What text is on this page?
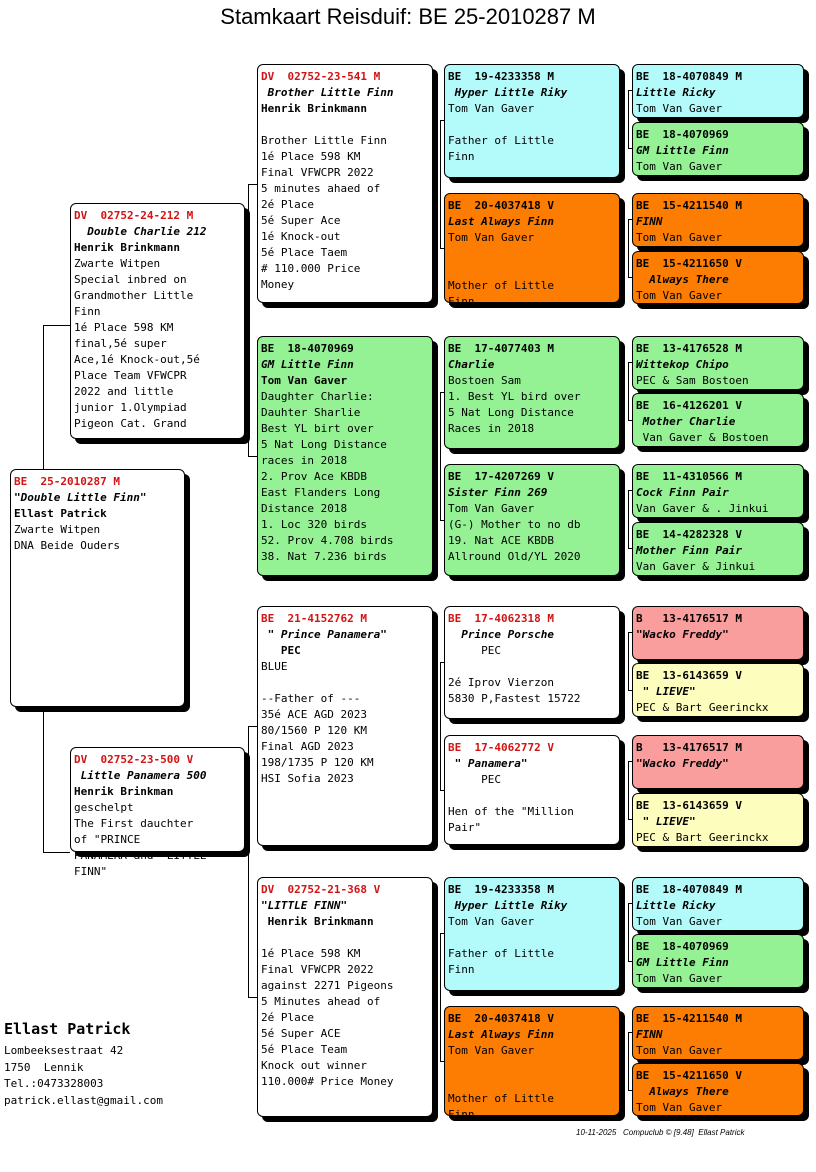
Stamkaart Reisduif: BE 25-2010287 M
BE  25-2010287 M
"Double Little Finn"
Ellast Patrick
Zwarte Witpen
DNA Beide Ouders
DV  02752-24-212 M
Double Charlie 212
Henrik Brinkmann
Zwarte Witpen
Special inbred on
Grandmother Little
Finn
1é Place 598 KM
final,5é super
Ace,1é Knock-out,5é
Place Team VFWCPR
2022 and little
junior 1.Olympiad
Pigeon Cat. Grand
DV  02752-23-500 V
Little Panamera 500
Henrik Brinkman
geschelpt
The First dauchter
of "PRINCE
PANAMERA"and "LITTLE
FINN"
DV  02752-23-541 M
Brother Little Finn
Henrik Brinkmann

Brother Little Finn
1é Place 598 KM
Final VFWCPR 2022
5 minutes ahaed of
2é Place
5é Super Ace
1é Knock-out
5é Place Taem
# 110.000 Price
Money
BE  18-4070969
GM Little Finn
Tom Van Gaver
Daughter Charlie:
Dauhter Sharlie
Best YL birt over
5 Nat Long Distance
races in 2018
2. Prov Ace KBDB
East Flanders Long
Distance 2018
1. Loc 320 birds
52. Prov 4.708 birds
38. Nat 7.236 birds
BE  21-4152762 M
" Prince Panamera"
PEC
BLUE

--Father of ---
35é ACE AGD 2023
80/1560 P 120 KM
Final AGD 2023
198/1735 P 120 KM
HSI Sofia 2023
DV  02752-21-368 V
"LITTLE FINN"
Henrik Brinkmann

1é Place 598 KM
Final VFWCPR 2022
against 2271 Pigeons
5 Minutes ahead of
2é Place
5é Super ACE
5é Place Team
Knock out winner
110.000# Price Money
BE  19-4233358 M
Hyper Little Riky
Tom Van Gaver

Father of Little
Finn
BE  20-4037418 V
Last Always Finn
Tom Van Gaver

Mother of Little
Finn
BE  17-4077403 M
Charlie
Bostoen Sam
1. Best YL bird over
5 Nat Long Distance
Races in 2018
BE  17-4207269 V
Sister Finn 269
Tom Van Gaver
(G-) Mother to no db
19. Nat ACE KBDB
Allround Old/YL 2020
BE  17-4062318 M
Prince Porsche
PEC

2é Iprov Vierzon
5830 P,Fastest 15722
BE  17-4062772 V
" Panamera"
PEC

Hen of the "Million
Pair"
BE  19-4233358 M
Hyper Little Riky
Tom Van Gaver

Father of Little
Finn
BE  20-4037418 V
Last Always Finn
Tom Van Gaver

Mother of Little
Finn
BE  18-4070849 M
Little Ricky
Tom Van Gaver
BE  18-4070969
GM Little Finn
Tom Van Gaver
BE  15-4211540 M
FINN
Tom Van Gaver
BE  15-4211650 V
Always There
Tom Van Gaver
BE  13-4176528 M
Wittekop Chipo
PEC & Sam Bostoen
BE  16-4126201 V
Mother Charlie
Van Gaver & Bostoen
BE  11-4310566 M
Cock Finn Pair
Van Gaver & . Jinkui
BE  14-4282328 V
Mother Finn Pair
Van Gaver & Jinkui
B   13-4176517 M
"Wacko Freddy"
BE  13-6143659 V
" LIEVE"
PEC & Bart Geerinckx
B   13-4176517 M
"Wacko Freddy"
BE  13-6143659 V
" LIEVE"
PEC & Bart Geerinckx
BE  18-4070849 M
Little Ricky
Tom Van Gaver
BE  18-4070969
GM Little Finn
Tom Van Gaver
BE  15-4211540 M
FINN
Tom Van Gaver
BE  15-4211650 V
Always There
Tom Van Gaver
Ellast Patrick
Lombeeksestraat 42
1750  Lennik
Tel.:0473328003
patrick.ellast@gmail.com
10-11-2025   Compuclub © [9.48]  Ellast Patrick
